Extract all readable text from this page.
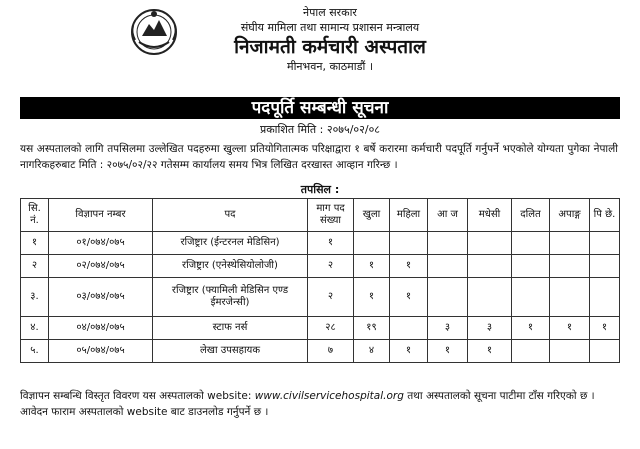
नेपाल सरकार
संघीय मामिला तथा सामान्य प्रशासन मन्त्रालय
निजामती कर्मचारी अस्पताल
मीनभवन, काठमाडौं ।
पदपूर्ति सम्बन्धी सूचना
प्रकाशित मिति : २०७५/०२/०८
यस अस्पतालको लागि तपसिलमा उल्लेखित पदहरुमा खुल्ला प्रतियोगितात्मक परिक्षाद्वारा १ बर्षे करारमा कर्मचारी पदपूर्ति गर्नुपर्ने भएकोले योग्यता पुगेका नेपाली नागरिकहरुबाट मिति : २०७५/०२/२२ गतेसम्म कार्यालय समय भित्र लिखित दरखास्त आव्हान गरिन्छ ।
तपसिल :
सि. नं.	विज्ञापन नम्बर	पद	माग पद संख्या	खुला	महिला	आ ज	मधेसी	दलित	अपाङ्ग	पि छे.
१	०१/०७४/०७५	रजिष्ट्रार (ईन्टरनल मेडिसिन)	१							
२	०२/०७४/०७५	रजिष्ट्रार (एनेस्थेसियोलोजी)	२	१	१					
३.	०३/०७४/०७५	रजिष्ट्रार (फ्यामिली मेडिसिन एण्ड ईमरजेन्सी)	२	१	१					
४.	०४/०७४/०७५	स्टाफ नर्स	२८	१९		३	३	१	१	१
५.	०५/०७४/०७५	लेखा उपसहायक	७	४	१	१	१			
विज्ञापन सम्बन्धि विस्तृत विवरण यस अस्पतालको website: www.civilservicehospital.org तथा अस्पतालको सूचना पाटीमा टाँस गरिएको छ । आवेदन फाराम अस्पतालको website बाट डाउनलोड गर्नुपर्ने छ ।
